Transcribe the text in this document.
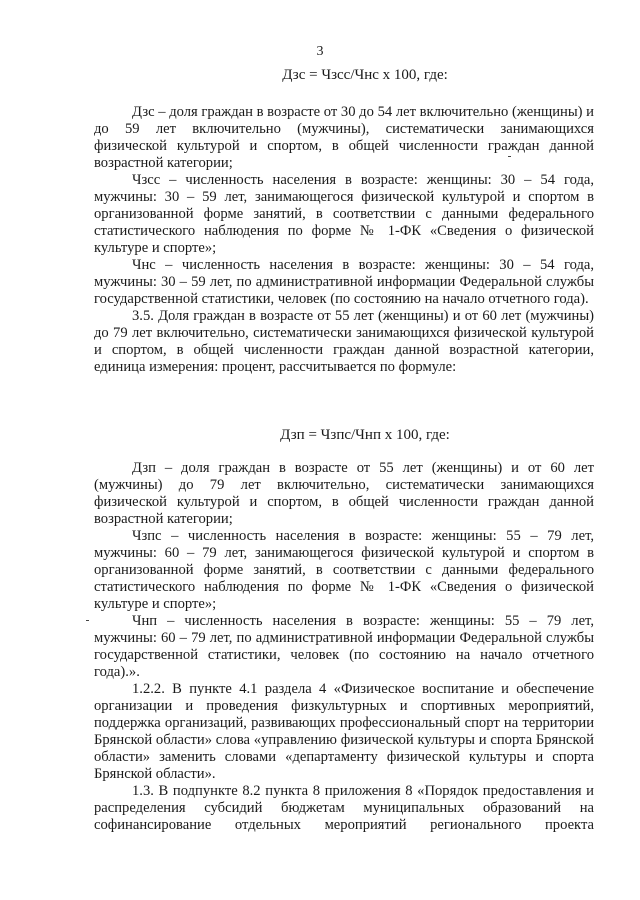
3
Дзс = Чзсс/Чнс х 100, где:

Дзс – доля граждан в возрасте от 30 до 54 лет включительно (женщины) и до 59 лет включительно (мужчины), систематически занимающихся физической культурой и спортом, в общей численности граждан данной возрастной категории;

Чзсс – численность населения в возрасте: женщины: 30 – 54 года, мужчины: 30 – 59 лет, занимающегося физической культурой и спортом в организованной форме занятий, в соответствии с данными федерального статистического наблюдения по форме № 1-ФК «Сведения о физической культуре и спорте»;

Чнс – численность населения в возрасте: женщины: 30 – 54 года, мужчины: 30 – 59 лет, по административной информации Федеральной службы государственной статистики, человек (по состоянию на начало отчетного года).

3.5. Доля граждан в возрасте от 55 лет (женщины) и от 60 лет (мужчины) до 79 лет включительно, систематически занимающихся физической культурой и спортом, в общей численности граждан данной возрастной категории, единица измерения: процент, рассчитывается по формуле:

Дзп = Чзпс/Чнп х 100, где:

Дзп – доля граждан в возрасте от 55 лет (женщины) и от 60 лет (мужчины) до 79 лет включительно, систематически занимающихся физической культурой и спортом, в общей численности граждан данной возрастной категории;

Чзпс – численность населения в возрасте: женщины: 55 – 79 лет, мужчины: 60 – 79 лет, занимающегося физической культурой и спортом в организованной форме занятий, в соответствии с данными федерального статистического наблюдения по форме № 1-ФК «Сведения о физической культуре и спорте»;

Чнп – численность населения в возрасте: женщины: 55 – 79 лет, мужчины: 60 – 79 лет, по административной информации Федеральной службы государственной статистики, человек (по состоянию на начало отчетного года).».

1.2.2. В пункте 4.1 раздела 4 «Физическое воспитание и обеспечение организации и проведения физкультурных и спортивных мероприятий, поддержка организаций, развивающих профессиональный спорт на территории Брянской области» слова «управлению физической культуры и спорта Брянской области» заменить словами «департаменту физической культуры и спорта Брянской области».

1.3. В подпункте 8.2 пункта 8 приложения 8 «Порядок предоставления и распределения субсидий бюджетам муниципальных образований на софинансирование отдельных мероприятий регионального проекта
